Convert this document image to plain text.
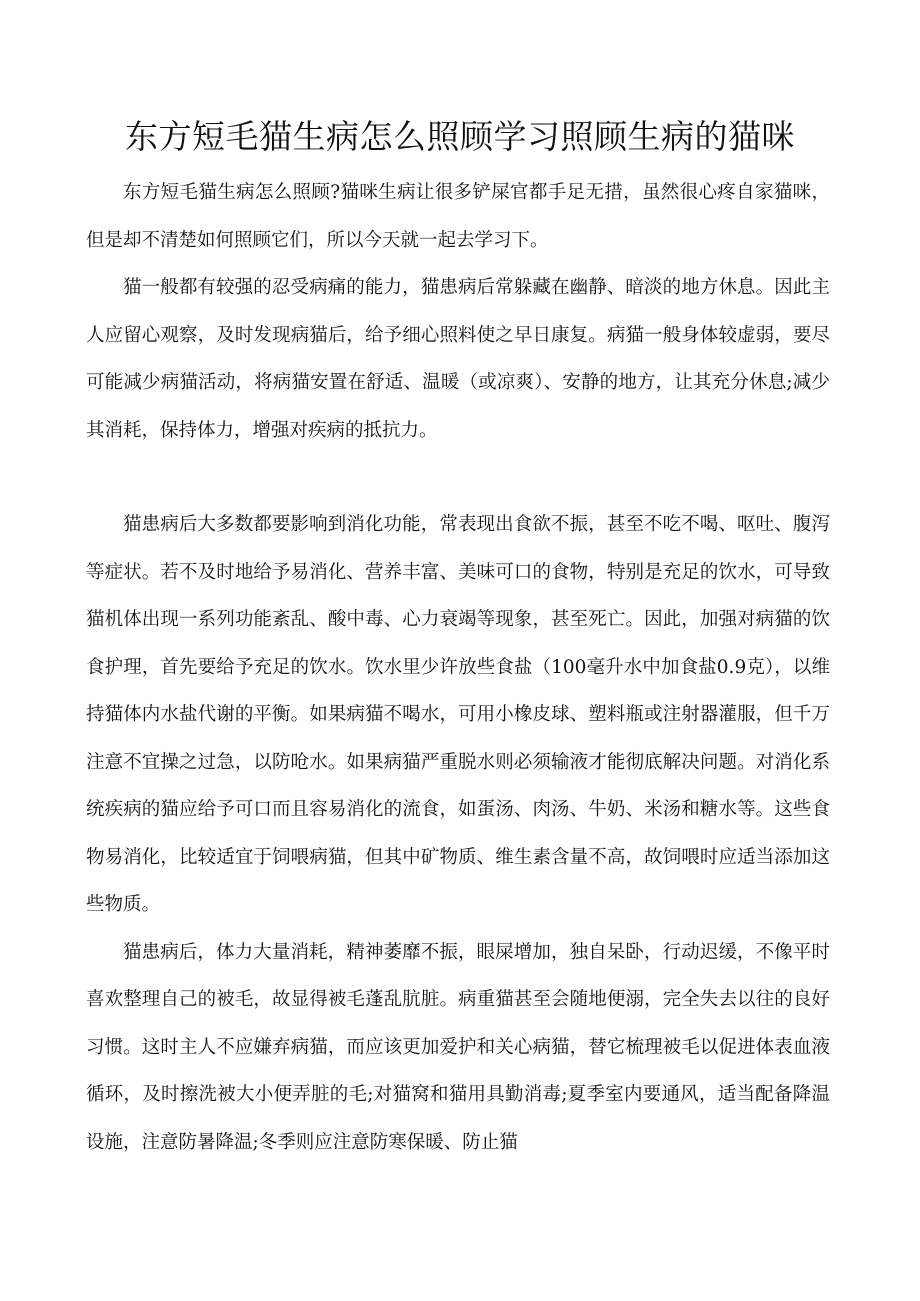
东方短毛猫生病怎么照顾学习照顾生病的猫咪

东方短毛猫生病怎么照顾?猫咪生病让很多铲屎官都手足无措，虽然很心疼自家猫咪，但是却不清楚如何照顾它们，所以今天就一起去学习下。

猫一般都有较强的忍受病痛的能力，猫患病后常躲藏在幽静、暗淡的地方休息。因此主人应留心观察，及时发现病猫后，给予细心照料使之早日康复。病猫一般身体较虚弱，要尽可能减少病猫活动，将病猫安置在舒适、温暖（或凉爽）、安静的地方，让其充分休息;减少其消耗，保持体力，增强对疾病的抵抗力。

猫患病后大多数都要影响到消化功能，常表现出食欲不振，甚至不吃不喝、呕吐、腹泻等症状。若不及时地给予易消化、营养丰富、美味可口的食物，特别是充足的饮水，可导致猫机体出现一系列功能紊乱、酸中毒、心力衰竭等现象，甚至死亡。因此，加强对病猫的饮食护理，首先要给予充足的饮水。饮水里少许放些食盐（100毫升水中加食盐0.9克），以维持猫体内水盐代谢的平衡。如果病猫不喝水，可用小橡皮球、塑料瓶或注射器灌服，但千万注意不宜操之过急，以防呛水。如果病猫严重脱水则必须输液才能彻底解决问题。对消化系统疾病的猫应给予可口而且容易消化的流食，如蛋汤、肉汤、牛奶、米汤和糖水等。这些食物易消化，比较适宜于饲喂病猫，但其中矿物质、维生素含量不高，故饲喂时应适当添加这些物质。

猫患病后，体力大量消耗，精神萎靡不振，眼屎增加，独自呆卧，行动迟缓，不像平时喜欢整理自己的被毛，故显得被毛蓬乱肮脏。病重猫甚至会随地便溺，完全失去以往的良好习惯。这时主人不应嫌弃病猫，而应该更加爱护和关心病猫，替它梳理被毛以促进体表血液循环，及时擦洗被大小便弄脏的毛;对猫窝和猫用具勤消毒;夏季室内要通风，适当配备降温设施，注意防暑降温;冬季则应注意防寒保暖、防止猫
